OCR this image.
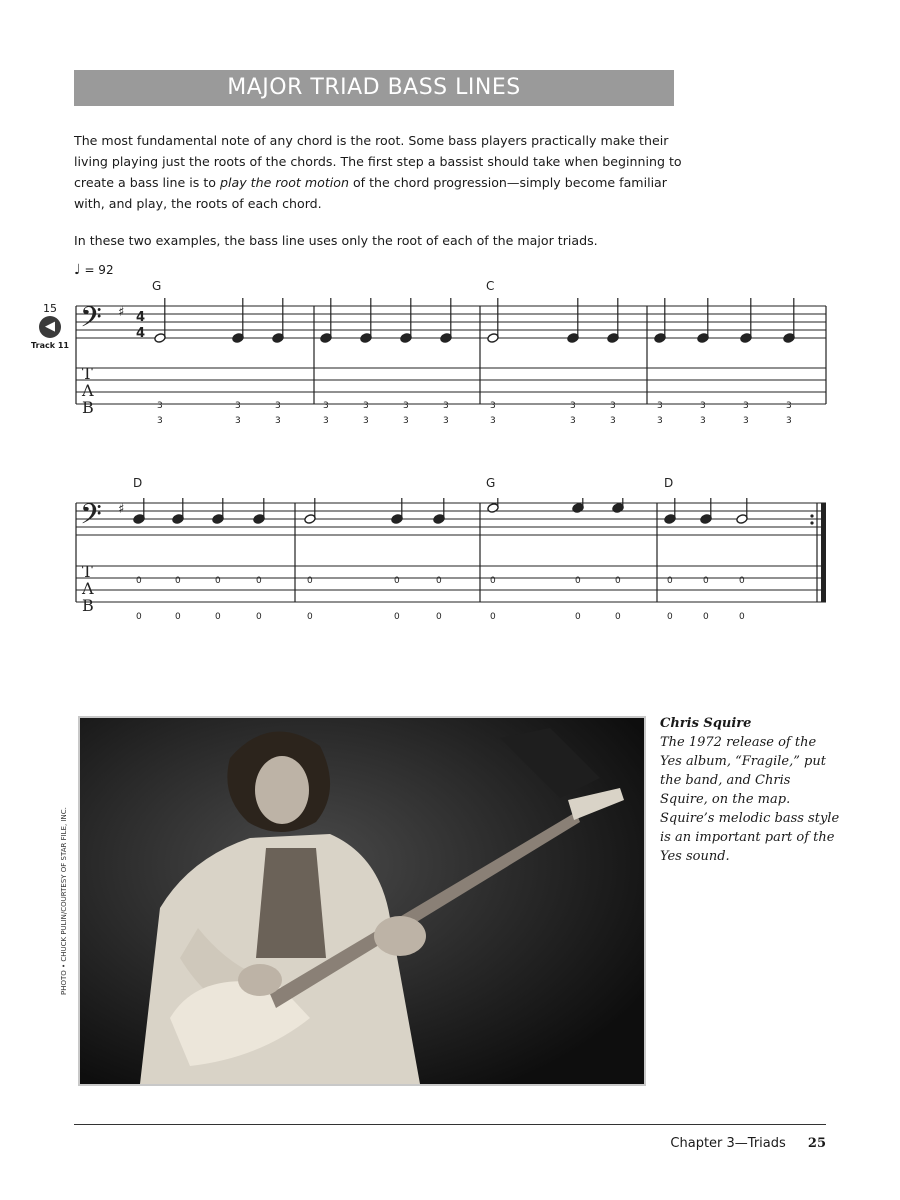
MAJOR TRIAD BASS LINES

The most fundamental note of any chord is the root. Some bass players practically make their living playing just the roots of the chords. The first step a bassist should take when beginning to create a bass line is to play the root motion of the chord progression—simply become familiar with, and play, the roots of each chord.

In these two examples, the bass line uses only the root of each of the major triads.

♩ = 92
15
◀
Track 11
𝄢 ♯ 4
4
T
A
B
G	C
3
3
3
3
3
3
3
3
3
3
3
3
3
3
3
3
3
3
3
3
3
3
3
3
3
3
3
3
𝄢 ♯
T
A
B
D	G	D
0
0
0
0
0
0
0
0
0
0
0
0
0
0
0
0
0
0
0
0
0
0
0
0
0
0
PHOTO • CHUCK PULIN/COURTESY OF STAR FILE, INC.
Chris Squire
The 1972 release of the Yes album, “Fragile,” put the band, and Chris Squire, on the map. Squire’s melodic bass style is an important part of the Yes sound.
Chapter 3—Triads 25
